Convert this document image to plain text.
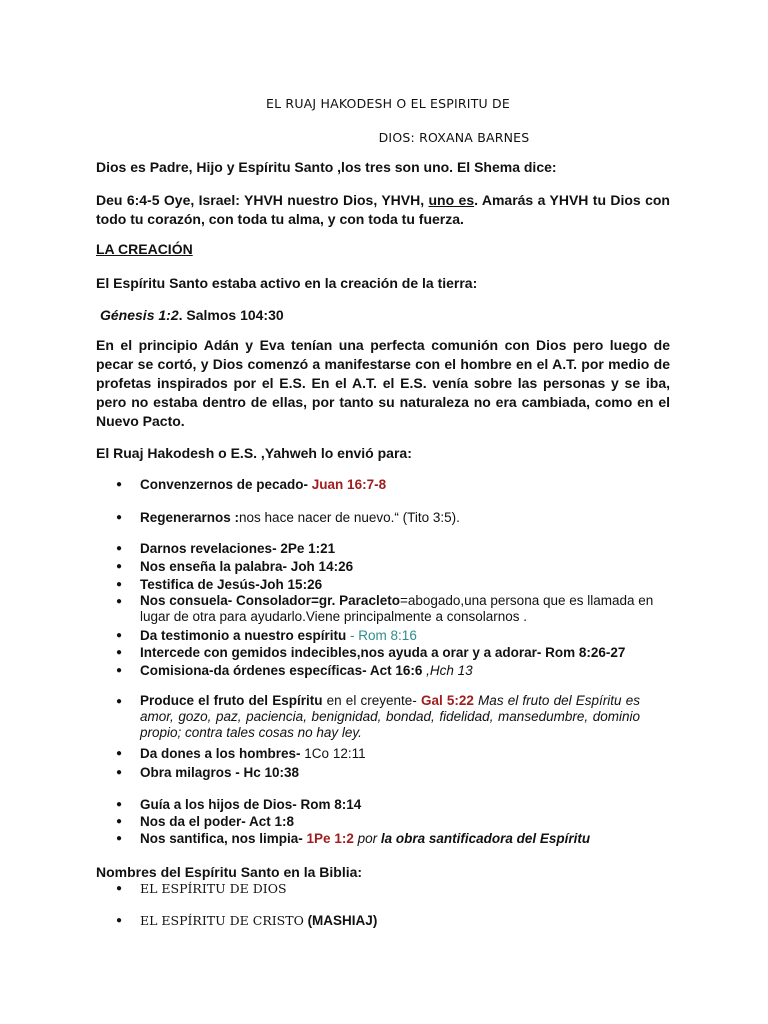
EL RUAJ HAKODESH O EL ESPIRITU DE
DIOS: ROXANA BARNES
Dios es Padre, Hijo y Espíritu Santo ,los tres son uno. El Shema dice:
Deu 6:4-5 Oye, Israel: YHVH nuestro Dios, YHVH, uno es. Amarás a YHVH tu Dios con todo tu corazón, con toda tu alma, y con toda tu fuerza.
LA CREACIÓN
El Espíritu Santo estaba activo en la creación de la tierra:
Génesis 1:2. Salmos 104:30
En el principio Adán y Eva tenían una perfecta comunión con Dios pero luego de pecar se cortó, y Dios comenzó a manifestarse con el hombre en el A.T. por medio de profetas inspirados por el E.S. En el A.T. el E.S. venía sobre las personas y se iba, pero no estaba dentro de ellas, por tanto su naturaleza no era cambiada, como en el Nuevo Pacto.
El Ruaj Hakodesh o E.S. ,Yahweh lo envió para:
● Convenzernos de pecado- Juan 16:7-8
● Regenerarnos :nos hace nacer de nuevo.“ (Tito 3:5).
● Darnos revelaciones- 2Pe 1:21
● Nos enseña la palabra- Joh 14:26
● Testifica de Jesús-Joh 15:26
● Nos consuela- Consolador=gr. Paracleto=abogado,una persona que es llamada en lugar de otra para ayudarlo.Viene principalmente a consolarnos .
● Da testimonio a nuestro espíritu - Rom 8:16
● Intercede con gemidos indecibles,nos ayuda a orar y a adorar- Rom 8:26-27
● Comisiona-da órdenes específicas- Act 16:6 ,Hch 13
● Produce el fruto del Espíritu en el creyente- Gal 5:22 Mas el fruto del Espíritu es amor, gozo, paz, paciencia, benignidad, bondad, fidelidad, mansedumbre, dominio propio; contra tales cosas no hay ley.
● Da dones a los hombres- 1Co 12:11
● Obra milagros - Hc 10:38
● Guía a los hijos de Dios- Rom 8:14
● Nos da el poder- Act 1:8
● Nos santifica, nos limpia- 1Pe 1:2 por la obra santificadora del Espíritu
Nombres del Espíritu Santo en la Biblia:
● EL ESPÍRITU DE DIOS
● EL ESPÍRITU DE CRISTO (MASHIAJ)
